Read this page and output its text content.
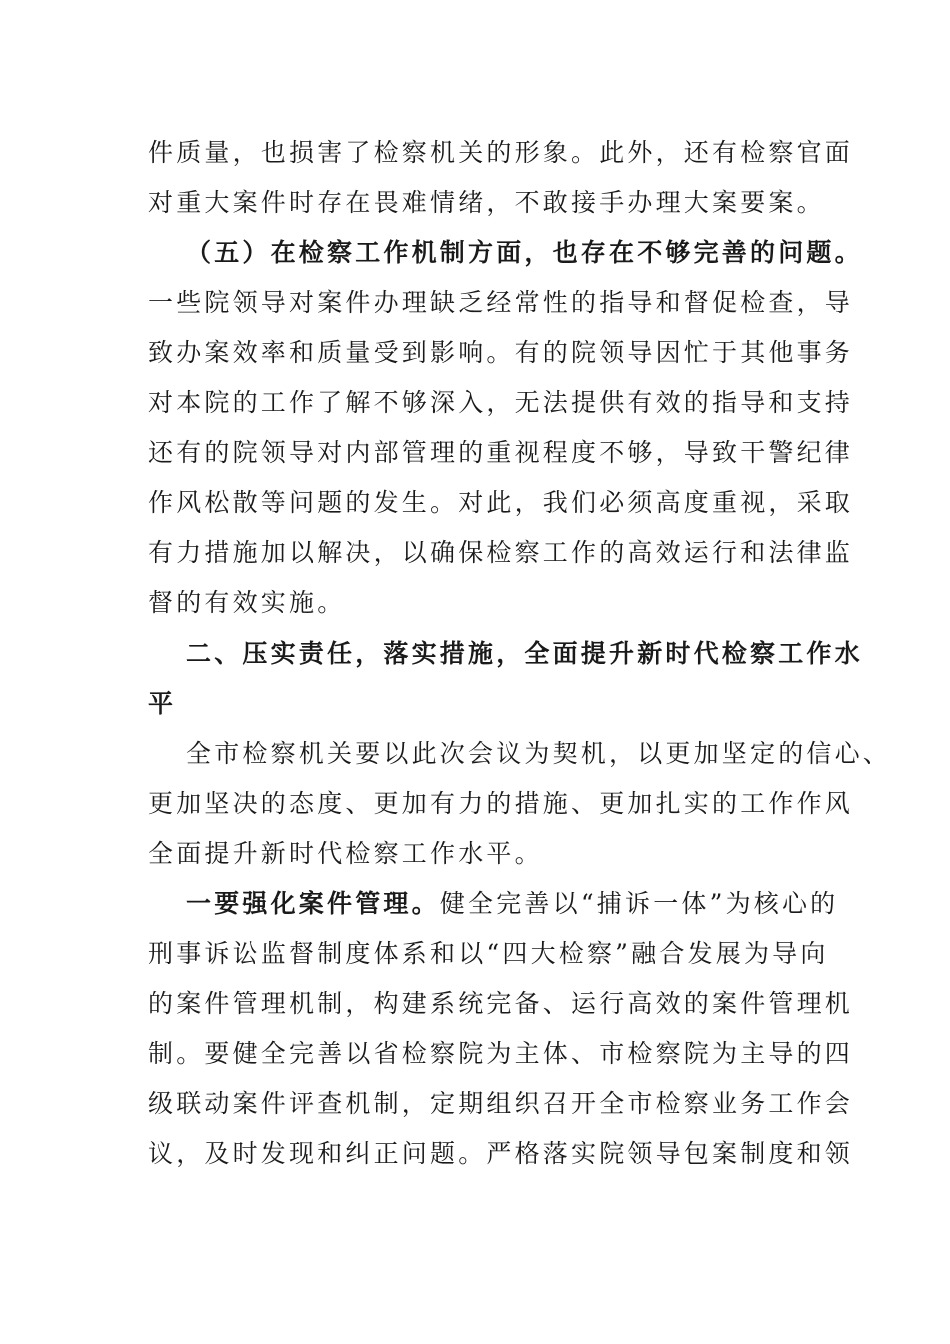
件质量，也损害了检察机关的形象。此外，还有检察官面
对重大案件时存在畏难情绪，不敢接手办理大案要案。
（五）在检察工作机制方面，也存在不够完善的问题。
一些院领导对案件办理缺乏经常性的指导和督促检查，导
致办案效率和质量受到影响。有的院领导因忙于其他事务
对本院的工作了解不够深入，无法提供有效的指导和支持
还有的院领导对内部管理的重视程度不够，导致干警纪律
作风松散等问题的发生。对此，我们必须高度重视，采取
有力措施加以解决，以确保检察工作的高效运行和法律监
督的有效实施。
二、压实责任，落实措施，全面提升新时代检察工作水
平
全市检察机关要以此次会议为契机，以更加坚定的信心、
更加坚决的态度、更加有力的措施、更加扎实的工作作风
全面提升新时代检察工作水平。
一要强化案件管理。健全完善以“捕诉一体”为核心的
刑事诉讼监督制度体系和以“四大检察”融合发展为导向
的案件管理机制，构建系统完备、运行高效的案件管理机
制。要健全完善以省检察院为主体、市检察院为主导的四
级联动案件评查机制，定期组织召开全市检察业务工作会
议，及时发现和纠正问题。严格落实院领导包案制度和领
